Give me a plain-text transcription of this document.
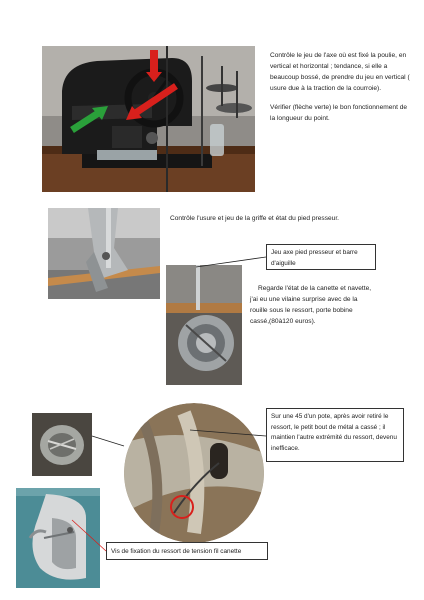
Contrôle le jeu de l'axe où est fixé la poulie, en vertical et horizontal ; tendance, si elle a beaucoup bossé, de prendre du jeu en vertical ( usure due à la traction de la courroie).

Vérifier (flèche verte) le bon fonctionnement de la longueur du point.

Contrôle l'usure et jeu de la griffe et état du pied presseur.
Jeu axe pied presseur et barre d'aiguille
Regarde l'état de la canette et navette, j'ai eu une vilaine surprise avec de la rouille sous le ressort, porte bobine cassé,(80à120 euros).
Sur une 45 d'un pote, après avoir retiré le ressort, le petit bout de métal a cassé ; il maintien l'autre extrémité du ressort, devenu inefficace.
Vis de fixation du ressort de tension fil canette
